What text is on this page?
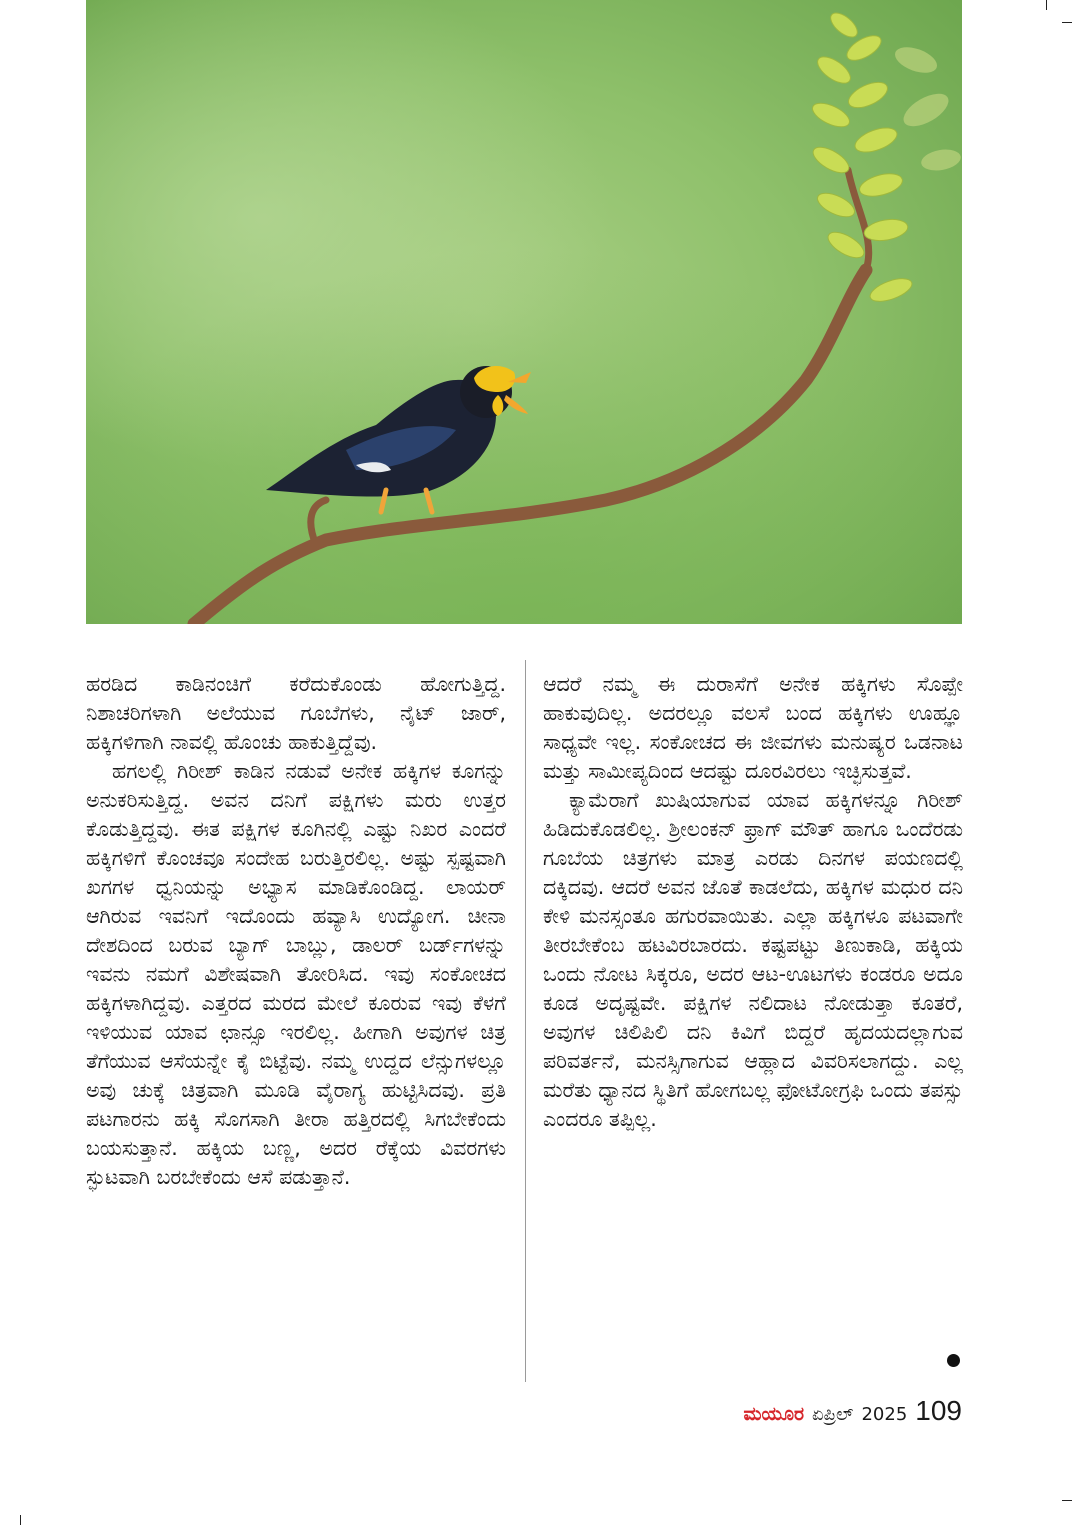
ಹರಡಿದ ಕಾಡಿನಂಚಿಗೆ ಕರೆದುಕೊಂಡು ಹೋಗುತ್ತಿದ್ದ. ನಿಶಾಚರಿಗಳಾಗಿ ಅಲೆಯುವ ಗೂಬೆಗಳು, ನೈಟ್ ಜಾರ್, ಹಕ್ಕಿಗಳಿಗಾಗಿ ನಾವಲ್ಲಿ ಹೊಂಚು ಹಾಕುತ್ತಿದ್ದೆವು.

ಹಗಲಲ್ಲಿ ಗಿರೀಶ್ ಕಾಡಿನ ನಡುವೆ ಅನೇಕ ಹಕ್ಕಿಗಳ ಕೂಗನ್ನು ಅನುಕರಿಸುತ್ತಿದ್ದ. ಅವನ ದನಿಗೆ ಪಕ್ಷಿಗಳು ಮರು ಉತ್ತರ ಕೊಡುತ್ತಿದ್ದವು. ಈತ ಪಕ್ಷಿಗಳ ಕೂಗಿನಲ್ಲಿ ಎಷ್ಟು ನಿಖರ ಎಂದರೆ ಹಕ್ಕಿಗಳಿಗೆ ಕೊಂಚವೂ ಸಂದೇಹ ಬರುತ್ತಿರಲಿಲ್ಲ. ಅಷ್ಟು ಸ್ಪಷ್ಟವಾಗಿ ಖಗಗಳ ಧ್ವನಿಯನ್ನು ಅಭ್ಯಾಸ ಮಾಡಿಕೊಂಡಿದ್ದ. ಲಾಯರ್ ಆಗಿರುವ ಇವನಿಗೆ ಇದೊಂದು ಹವ್ಯಾಸಿ ಉದ್ಯೋಗ. ಚೀನಾ ದೇಶದಿಂದ ಬರುವ ಬ್ಯಾಗ್ ಬಾಬ್ಲು, ಡಾಲರ್ ಬರ್ಡ್‌ಗಳನ್ನು ಇವನು ನಮಗೆ ವಿಶೇಷವಾಗಿ ತೋರಿಸಿದ. ಇವು ಸಂಕೋಚದ ಹಕ್ಕಿಗಳಾಗಿದ್ದವು. ಎತ್ತರದ ಮರದ ಮೇಲೆ ಕೂರುವ ಇವು ಕೆಳಗೆ ಇಳಿಯುವ ಯಾವ ಛಾನ್ಸೂ ಇರಲಿಲ್ಲ. ಹೀಗಾಗಿ ಅವುಗಳ ಚಿತ್ರ ತೆಗೆಯುವ ಆಸೆಯನ್ನೇ ಕೈ ಬಿಟ್ಟೆವು. ನಮ್ಮ ಉದ್ದದ ಲೆನ್ಸುಗಳಲ್ಲೂ ಅವು ಚುಕ್ಕೆ ಚಿತ್ರವಾಗಿ ಮೂಡಿ ವೈರಾಗ್ಯ ಹುಟ್ಟಿಸಿದವು. ಪ್ರತಿ ಪಟಗಾರನು ಹಕ್ಕಿ ಸೊಗಸಾಗಿ ತೀರಾ ಹತ್ತಿರದಲ್ಲಿ ಸಿಗಬೇಕೆಂದು ಬಯಸುತ್ತಾನೆ. ಹಕ್ಕಿಯ ಬಣ್ಣ, ಅದರ ರೆಕ್ಕೆಯ ವಿವರಗಳು ಸ್ಫುಟವಾಗಿ ಬರಬೇಕೆಂದು ಆಸೆ ಪಡುತ್ತಾನೆ.

ಆದರೆ ನಮ್ಮ ಈ ದುರಾಸೆಗೆ ಅನೇಕ ಹಕ್ಕಿಗಳು ಸೊಪ್ಪೇ ಹಾಕುವುದಿಲ್ಲ. ಅದರಲ್ಲೂ ವಲಸೆ ಬಂದ ಹಕ್ಕಿಗಳು ಊಹ್ಞೂ ಸಾಧ್ಯವೇ ಇಲ್ಲ. ಸಂಕೋಚದ ಈ ಜೀವಗಳು ಮನುಷ್ಯರ ಒಡನಾಟ ಮತ್ತು ಸಾಮೀಪ್ಯದಿಂದ ಆದಷ್ಟು ದೂರವಿರಲು ಇಚ್ಛಿಸುತ್ತವೆ.

ಕ್ಯಾಮೆರಾಗೆ ಖುಷಿಯಾಗುವ ಯಾವ ಹಕ್ಕಿಗಳನ್ನೂ ಗಿರೀಶ್ ಹಿಡಿದುಕೊಡಲಿಲ್ಲ. ಶ್ರೀಲಂಕನ್ ಫ್ರಾಗ್ ಮೌತ್ ಹಾಗೂ ಒಂದೆರಡು ಗೂಬೆಯ ಚಿತ್ರಗಳು ಮಾತ್ರ ಎರಡು ದಿನಗಳ ಪಯಣದಲ್ಲಿ ದಕ್ಕಿದವು. ಆದರೆ ಅವನ ಜೊತೆ ಕಾಡಲೆದು, ಹಕ್ಕಿಗಳ ಮಧುರ ದನಿ ಕೇಳಿ ಮನಸ್ಸಂತೂ ಹಗುರವಾಯಿತು. ಎಲ್ಲಾ ಹಕ್ಕಿಗಳೂ ಪಟವಾಗೇ ತೀರಬೇಕೆಂಬ ಹಟವಿರಬಾರದು. ಕಷ್ಟಪಟ್ಟು ತಿಣುಕಾಡಿ, ಹಕ್ಕಿಯ ಒಂದು ನೋಟ ಸಿಕ್ಕರೂ, ಅದರ ಆಟ-ಊಟಗಳು ಕಂಡರೂ ಅದೂ ಕೂಡ ಅದೃಷ್ಟವೇ. ಪಕ್ಷಿಗಳ ನಲಿದಾಟ ನೋಡುತ್ತಾ ಕೂತರೆ, ಅವುಗಳ ಚಿಲಿಪಿಲಿ ದನಿ ಕಿವಿಗೆ ಬಿದ್ದರೆ ಹೃದಯದಲ್ಲಾಗುವ ಪರಿವರ್ತನೆ, ಮನಸ್ಸಿಗಾಗುವ ಆಹ್ಲಾದ ವಿವರಿಸಲಾಗದ್ದು. ಎಲ್ಲ ಮರೆತು ಧ್ಯಾನದ ಸ್ಥಿತಿಗೆ ಹೋಗಬಲ್ಲ ಫೋಟೋಗ್ರಫಿ ಒಂದು ತಪಸ್ಸು ಎಂದರೂ ತಪ್ಪಿಲ್ಲ.

ಮಯೂರ ಏಪ್ರಿಲ್ 2025 109
